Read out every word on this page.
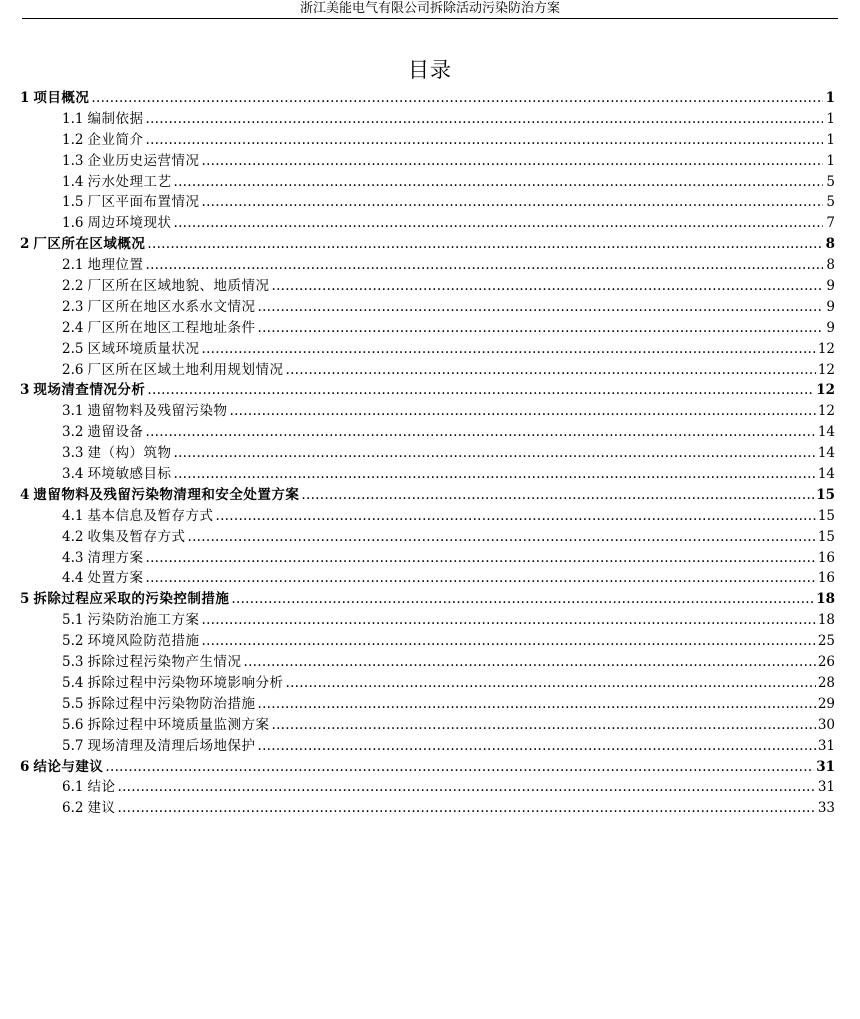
浙江美能电气有限公司拆除活动污染防治方案
目录
1 项目概况 .....	1
1.1 编制依据 .....	1
1.2 企业简介 .....	1
1.3 企业历史运营情况 .....	1
1.4 污水处理工艺 .....	5
1.5 厂区平面布置情况 .....	5
1.6 周边环境现状 .....	7
2 厂区所在区域概况 .....	8
2.1 地理位置 .....	8
2.2 厂区所在区域地貌、地质情况 .....	9
2.3 厂区所在地区水系水文情况 .....	9
2.4 厂区所在地区工程地址条件 .....	9
2.5 区域环境质量状况 .....	12
2.6 厂区所在区域土地利用规划情况 .....	12
3 现场清查情况分析 .....	12
3.1 遗留物料及残留污染物 .....	12
3.2 遗留设备 .....	14
3.3 建（构）筑物 .....	14
3.4 环境敏感目标 .....	14
4 遗留物料及残留污染物清理和安全处置方案 .....	15
4.1 基本信息及暂存方式 .....	15
4.2 收集及暂存方式 .....	15
4.3 清理方案 .....	16
4.4 处置方案 .....	16
5 拆除过程应采取的污染控制措施 .....	18
5.1 污染防治施工方案 .....	18
5.2 环境风险防范措施 .....	25
5.3 拆除过程污染物产生情况 .....	26
5.4 拆除过程中污染物环境影响分析 .....	28
5.5 拆除过程中污染物防治措施 .....	29
5.6 拆除过程中环境质量监测方案 .....	30
5.7 现场清理及清理后场地保护 .....	31
6 结论与建议 .....	31
6.1 结论 .....	31
6.2 建议 .....	33
